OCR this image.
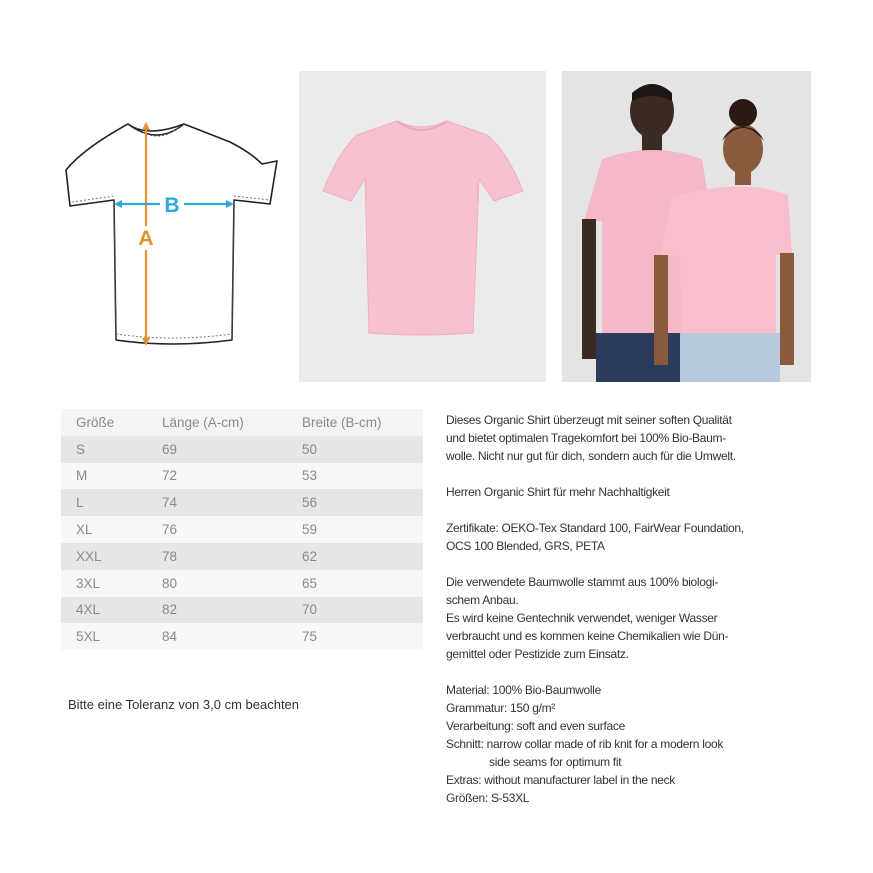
A
B
Größe	Länge (A-cm)	Breite (B-cm)
S	69	50
M	72	53
L	74	56
XL	76	59
XXL	78	62
3XL	80	65
4XL	82	70
5XL	84	75
Bitte eine Toleranz von 3,0 cm beachten

Dieses Organic Shirt überzeugt mit seiner soften Qualität

und bietet optimalen Tragekomfort bei 100% Bio-Baum-

wolle. Nicht nur gut für dich, sondern auch für die Umwelt.

Herren Organic Shirt für mehr Nachhaltigkeit

Zertifikate: OEKO-Tex Standard 100, FairWear Foundation,

OCS 100 Blended, GRS, PETA

Die verwendete Baumwolle stammt aus 100% biologi-

schem Anbau.

Es wird keine Gentechnik verwendet, weniger Wasser

verbraucht und es kommen keine Chemikalien wie Dün-

gemittel oder Pestizide zum Einsatz.

Material: 100% Bio-Baumwolle

Grammatur: 150 g/m²

Verarbeitung: soft and even surface

Schnitt: narrow collar made of rib knit for a modern look

side seams for optimum fit

Extras: without manufacturer label in the neck

Größen: S-53XL
